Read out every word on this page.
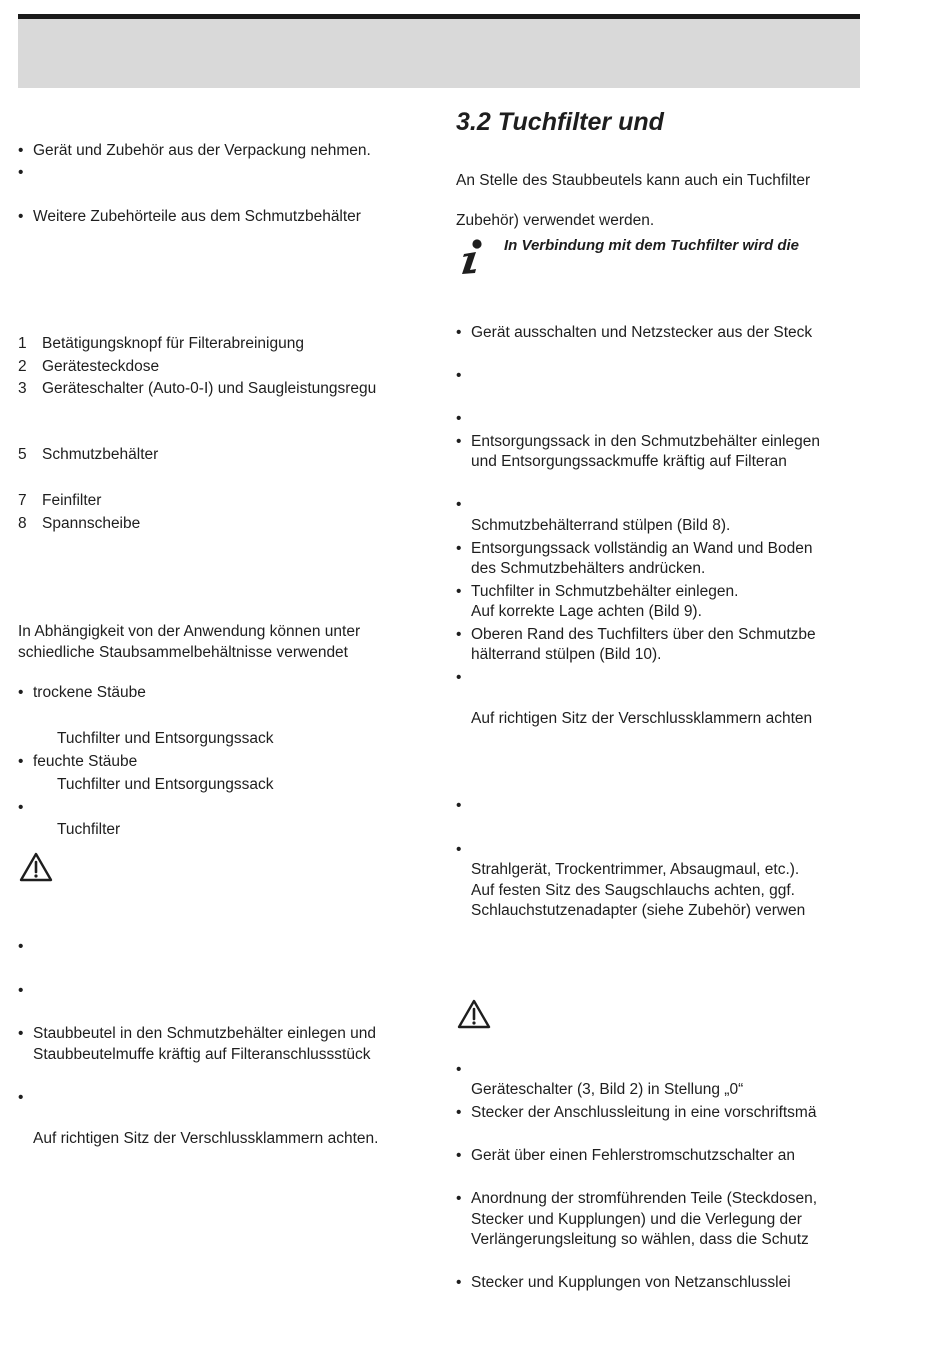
• Gerät und Zubehör aus der Verpackung nehmen.
•
• Weitere Zubehörteile aus dem Schmutzbehälter
1 Betätigungsknopf für Filterabreinigung
2 Gerätesteckdose
3 Geräteschalter (Auto-0-I) und Saugleistungsregu
5 Schmutzbehälter
7 Feinfilter
8 Spannscheibe
In Abhängigkeit von der Anwendung können unter
schiedliche Staubsammelbehältnisse verwendet
• trockene Stäube
Tuchfilter und Entsorgungssack
• feuchte Stäube
Tuchfilter und Entsorgungssack
•
Tuchfilter
•
•
• Staubbeutel in den Schmutzbehälter einlegen und
Staubbeutelmuffe kräftig auf Filteranschlussstück
•
Auf richtigen Sitz der Verschlussklammern achten.
3.2 Tuchfilter und
An Stelle des Staubbeutels kann auch ein Tuchfilter
Zubehör) verwendet werden.
In Verbindung mit dem Tuchfilter wird die
• Gerät ausschalten und Netzstecker aus der Steck
•
•
• Entsorgungssack in den Schmutzbehälter einlegen
und Entsorgungssackmuffe kräftig auf Filteran
•
Schmutzbehälterrand stülpen (Bild 8).
• Entsorgungssack vollständig an Wand und Boden
des Schmutzbehälters andrücken.
• Tuchfilter in Schmutzbehälter einlegen.
Auf korrekte Lage achten (Bild 9).
• Oberen Rand des Tuchfilters über den Schmutzbe
hälterrand stülpen (Bild 10).
•
Auf richtigen Sitz der Verschlussklammern achten
•
•
Strahlgerät, Trockentrimmer, Absaugmaul, etc.).
Auf festen Sitz des Saugschlauchs achten, ggf.
Schlauchstutzenadapter (siehe Zubehör) verwen
•
Geräteschalter (3, Bild 2) in Stellung „0“
• Stecker der Anschlussleitung in eine vorschriftsmä
• Gerät über einen Fehlerstromschutzschalter an
• Anordnung der stromführenden Teile (Steckdosen,
Stecker und Kupplungen) und die Verlegung der
Verlängerungsleitung so wählen, dass die Schutz
• Stecker und Kupplungen von Netzanschlusslei
